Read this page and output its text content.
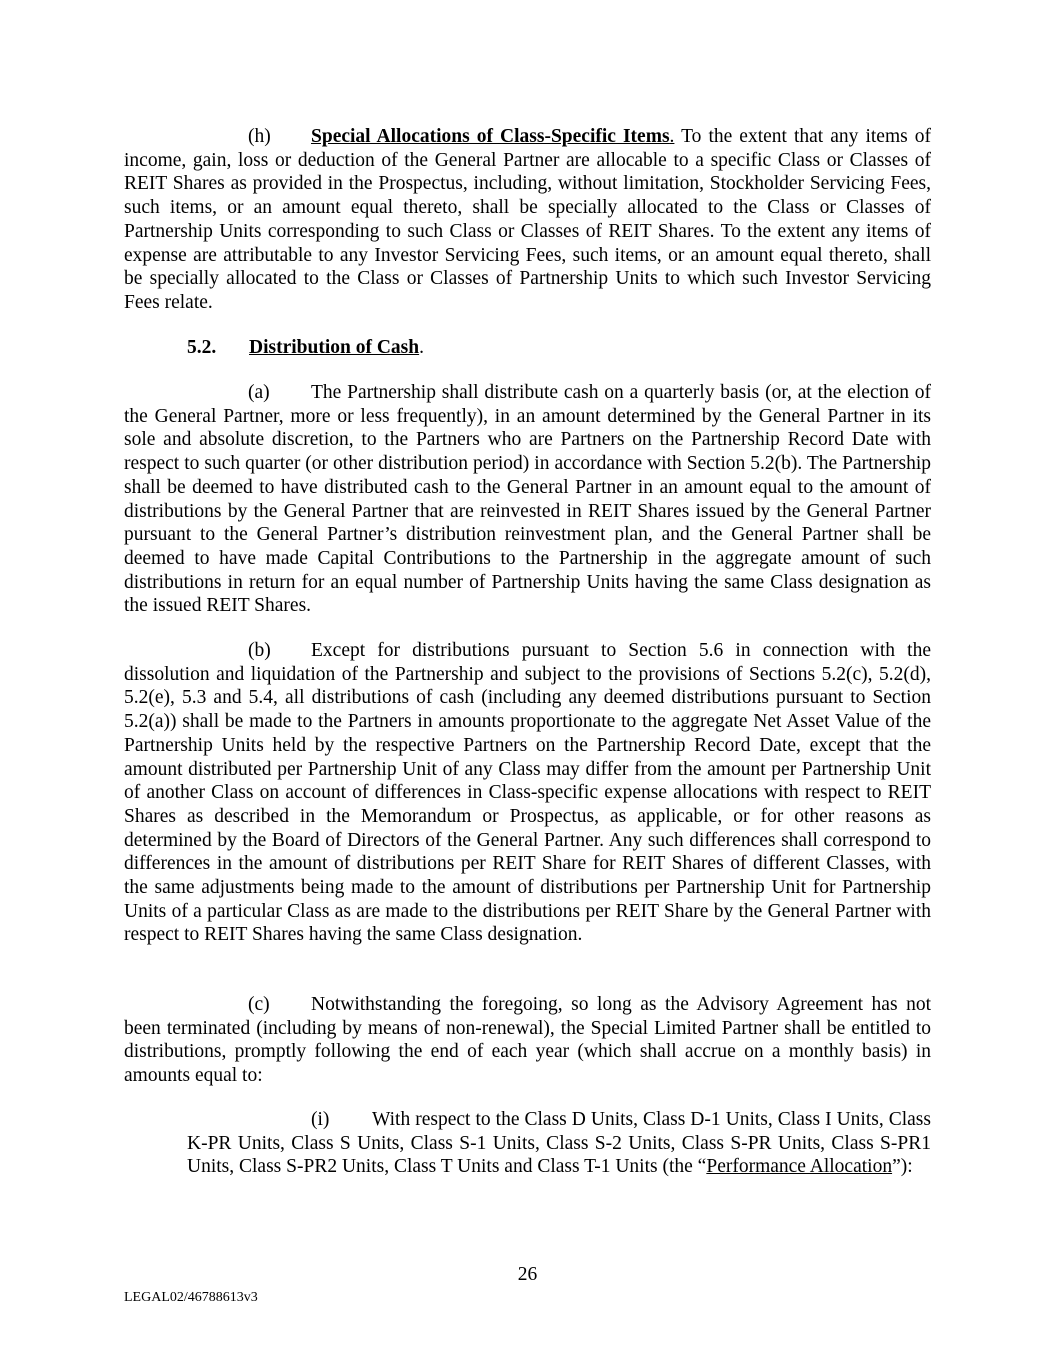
(h) Special Allocations of Class-Specific Items. To the extent that any items of income, gain, loss or deduction of the General Partner are allocable to a specific Class or Classes of REIT Shares as provided in the Prospectus, including, without limitation, Stockholder Servicing Fees, such items, or an amount equal thereto, shall be specially allocated to the Class or Classes of Partnership Units corresponding to such Class or Classes of REIT Shares. To the extent any items of expense are attributable to any Investor Servicing Fees, such items, or an amount equal thereto, shall be specially allocated to the Class or Classes of Partnership Units to which such Investor Servicing Fees relate.

5.2. Distribution of Cash.

(a) The Partnership shall distribute cash on a quarterly basis (or, at the election of the General Partner, more or less frequently), in an amount determined by the General Partner in its sole and absolute discretion, to the Partners who are Partners on the Partnership Record Date with respect to such quarter (or other distribution period) in accordance with Section 5.2(b). The Partnership shall be deemed to have distributed cash to the General Partner in an amount equal to the amount of distributions by the General Partner that are reinvested in REIT Shares issued by the General Partner pursuant to the General Partner’s distribution reinvestment plan, and the General Partner shall be deemed to have made Capital Contributions to the Partnership in the aggregate amount of such distributions in return for an equal number of Partnership Units having the same Class designation as the issued REIT Shares.

(b) Except for distributions pursuant to Section 5.6 in connection with the dissolution and liquidation of the Partnership and subject to the provisions of Sections 5.2(c), 5.2(d), 5.2(e), 5.3 and 5.4, all distributions of cash (including any deemed distributions pursuant to Section 5.2(a)) shall be made to the Partners in amounts proportionate to the aggregate Net Asset Value of the Partnership Units held by the respective Partners on the Partnership Record Date, except that the amount distributed per Partnership Unit of any Class may differ from the amount per Partnership Unit of another Class on account of differences in Class-specific expense allocations with respect to REIT Shares as described in the Memorandum or Prospectus, as applicable, or for other reasons as determined by the Board of Directors of the General Partner. Any such differences shall correspond to differences in the amount of distributions per REIT Share for REIT Shares of different Classes, with the same adjustments being made to the amount of distributions per Partnership Unit for Partnership Units of a particular Class as are made to the distributions per REIT Share by the General Partner with respect to REIT Shares having the same Class designation.

(c) Notwithstanding the foregoing, so long as the Advisory Agreement has not been terminated (including by means of non-renewal), the Special Limited Partner shall be entitled to distributions, promptly following the end of each year (which shall accrue on a monthly basis) in amounts equal to:

(i) With respect to the Class D Units, Class D-1 Units, Class I Units, Class K-PR Units, Class S Units, Class S-1 Units, Class S-2 Units, Class S-PR Units, Class S-PR1 Units, Class S-PR2 Units, Class T Units and Class T-1 Units (the “Performance Allocation”):

26
LEGAL02/46788613v3
